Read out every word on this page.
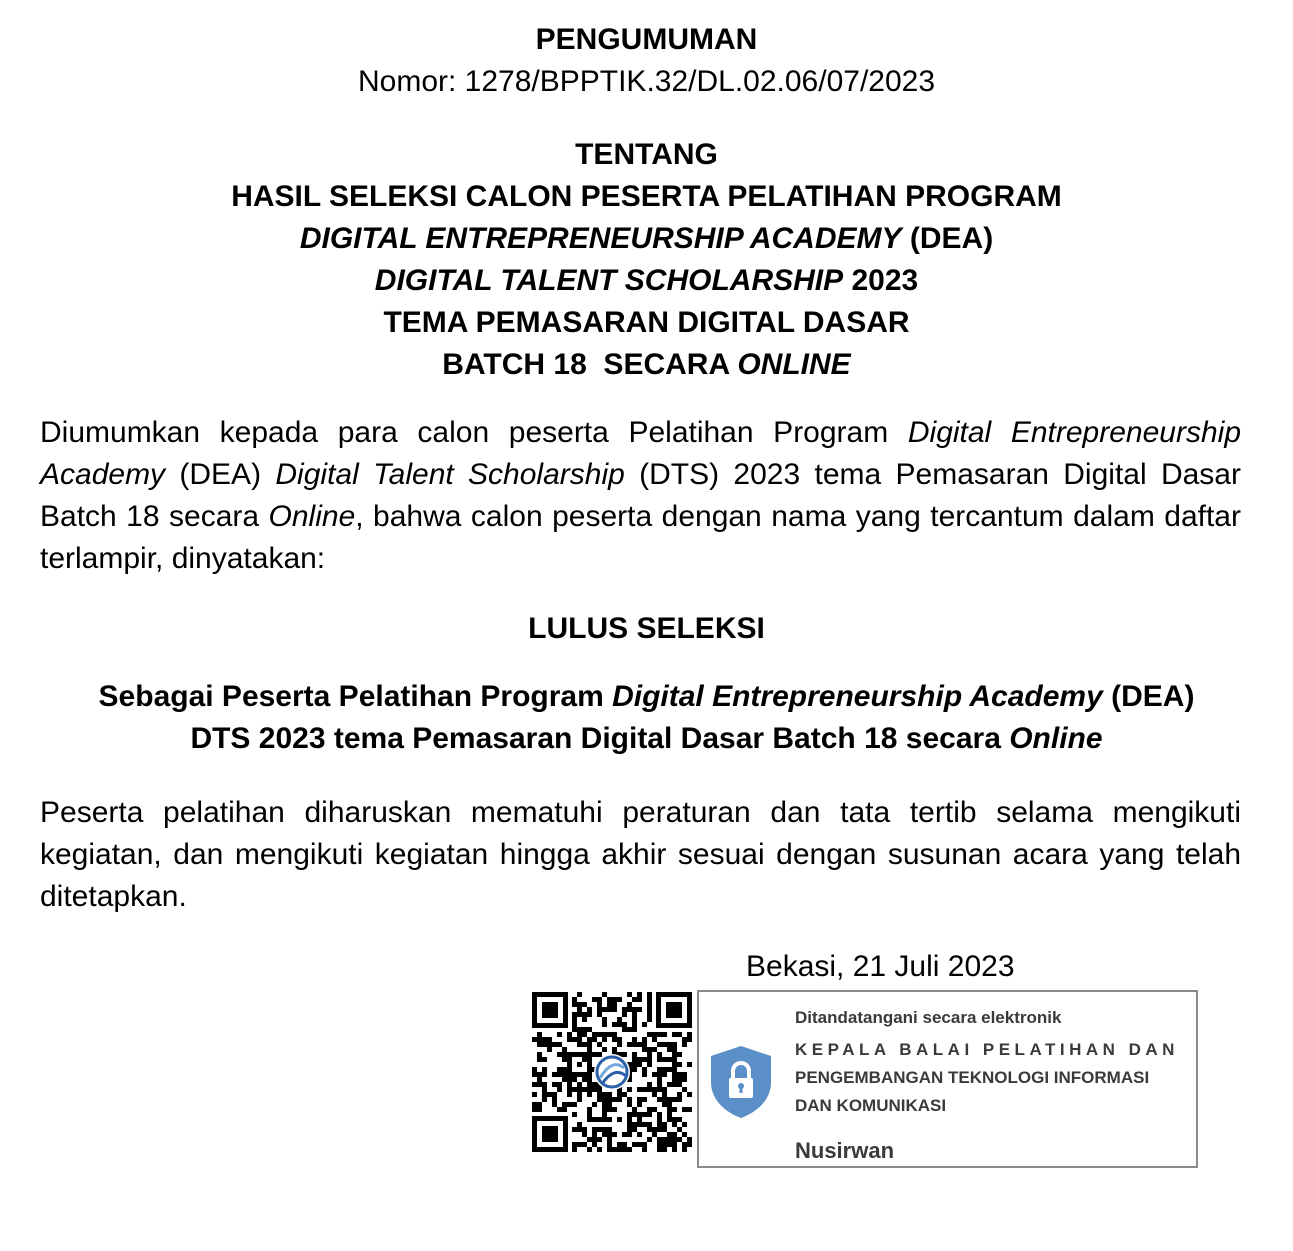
PENGUMUMAN
Nomor: 1278/BPPTIK.32/DL.02.06/07/2023
TENTANG
HASIL SELEKSI CALON PESERTA PELATIHAN PROGRAM
DIGITAL ENTREPRENEURSHIP ACADEMY (DEA)
DIGITAL TALENT SCHOLARSHIP 2023
TEMA PEMASARAN DIGITAL DASAR
BATCH 18  SECARA ONLINE
Diumumkan kepada para calon peserta Pelatihan Program Digital Entrepreneurship Academy (DEA) Digital Talent Scholarship (DTS) 2023 tema Pemasaran Digital Dasar Batch 18 secara Online, bahwa calon peserta dengan nama yang tercantum dalam daftar terlampir, dinyatakan:
LULUS SELEKSI
Sebagai Peserta Pelatihan Program Digital Entrepreneurship Academy (DEA)
DTS 2023 tema Pemasaran Digital Dasar Batch 18 secara Online
Peserta pelatihan diharuskan mematuhi peraturan dan tata tertib selama mengikuti kegiatan, dan mengikuti kegiatan hingga akhir sesuai dengan susunan acara yang telah ditetapkan.
Bekasi, 21 Juli 2023
Ditandatangani secara elektronik
KEPALA BALAI PELATIHAN DAN
PENGEMBANGAN TEKNOLOGI INFORMASI
DAN KOMUNIKASI
Nusirwan
